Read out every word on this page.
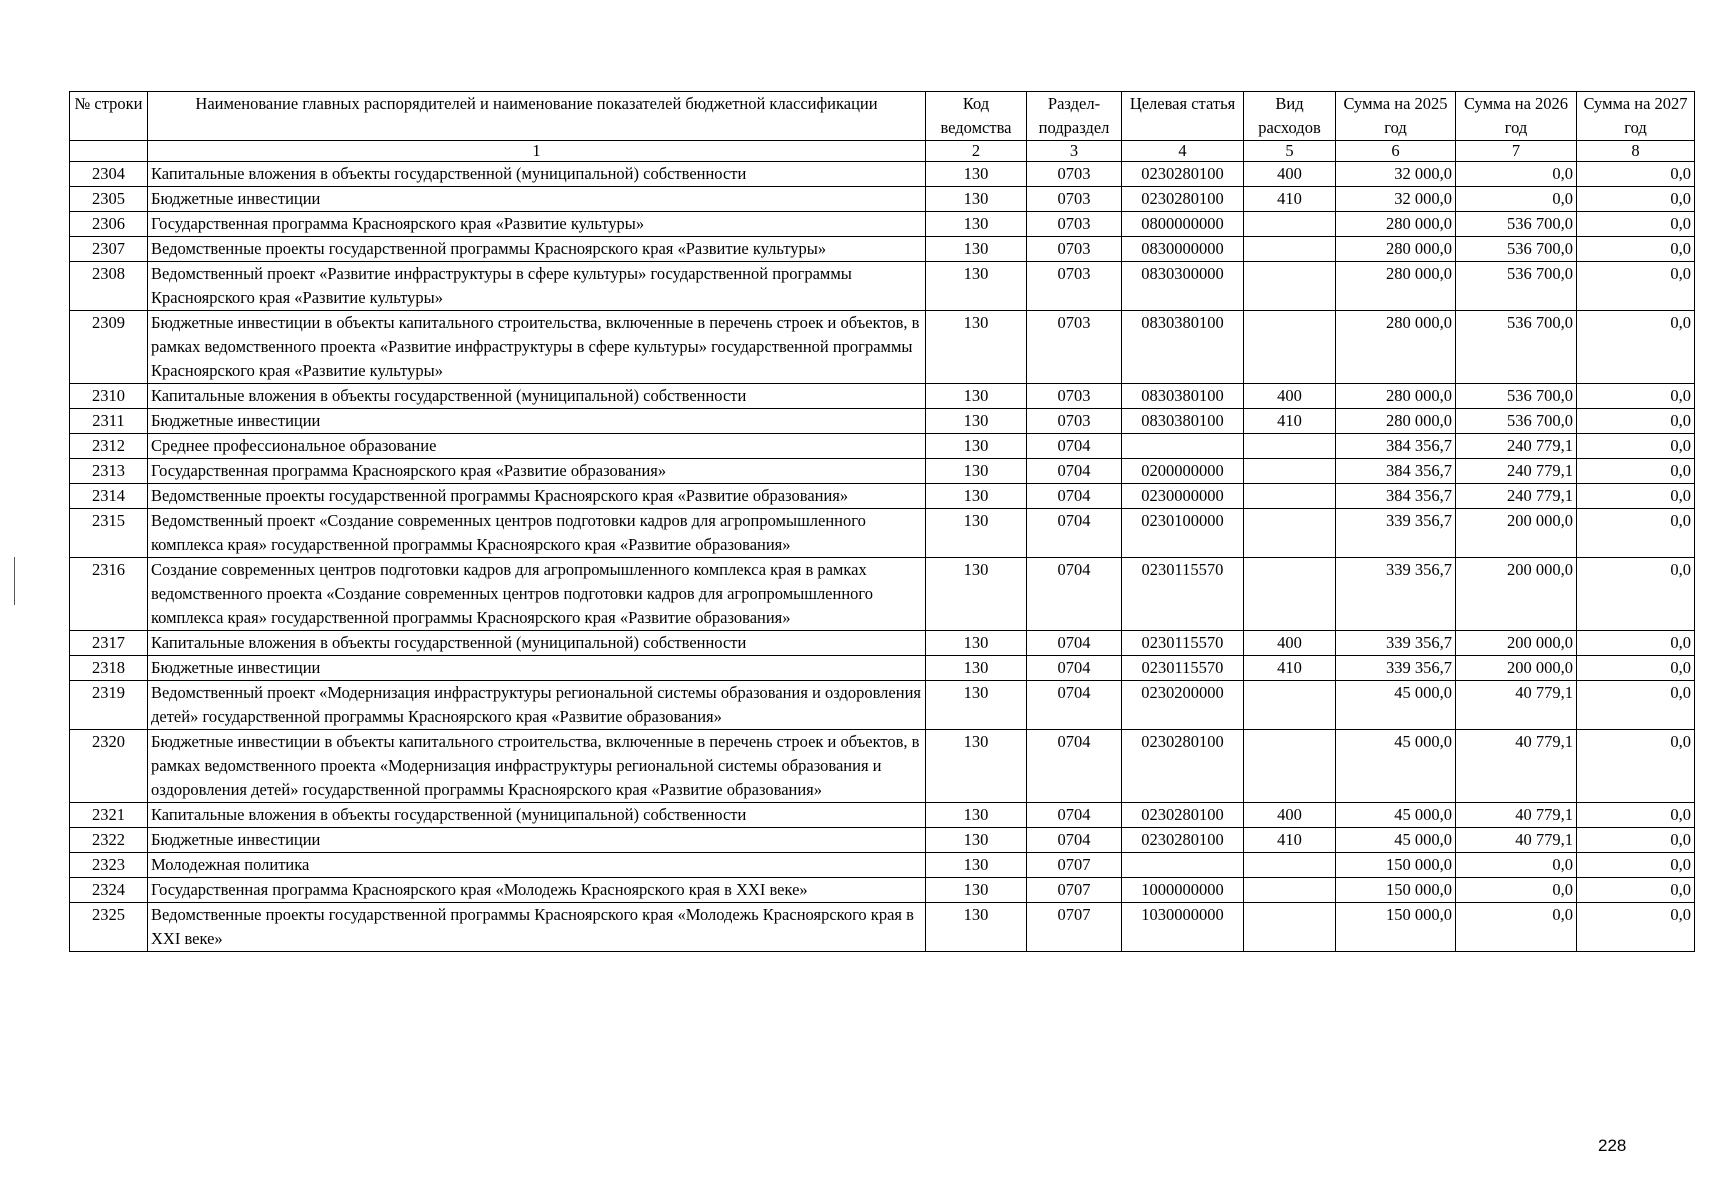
№ строки	Наименование главных распорядителей и наименование показателей бюджетной классификации	Код ведомства	Раздел-подраздел	Целевая статья	Вид расходов	Сумма на 2025 год	Сумма на 2026 год	Сумма на 2027 год
	1	2	3	4	5	6	7	8
2304	Капитальные вложения в объекты государственной (муниципальной) собственности	130	0703	0230280100	400	32 000,0	0,0	0,0
2305	Бюджетные инвестиции	130	0703	0230280100	410	32 000,0	0,0	0,0
2306	Государственная программа Красноярского края «Развитие культуры»	130	0703	0800000000		280 000,0	536 700,0	0,0
2307	Ведомственные проекты государственной программы Красноярского края «Развитие культуры»	130	0703	0830000000		280 000,0	536 700,0	0,0
2308	Ведомственный проект «Развитие инфраструктуры в сфере культуры» государственной программы Красноярского края «Развитие культуры»	130	0703	0830300000		280 000,0	536 700,0	0,0
2309	Бюджетные инвестиции в объекты капитального строительства, включенные в перечень строек и объектов, в рамках ведомственного проекта «Развитие инфраструктуры в сфере культуры» государственной программы Красноярского края «Развитие культуры»	130	0703	0830380100		280 000,0	536 700,0	0,0
2310	Капитальные вложения в объекты государственной (муниципальной) собственности	130	0703	0830380100	400	280 000,0	536 700,0	0,0
2311	Бюджетные инвестиции	130	0703	0830380100	410	280 000,0	536 700,0	0,0
2312	Среднее профессиональное образование	130	0704			384 356,7	240 779,1	0,0
2313	Государственная программа Красноярского края «Развитие образования»	130	0704	0200000000		384 356,7	240 779,1	0,0
2314	Ведомственные проекты государственной программы Красноярского края «Развитие образования»	130	0704	0230000000		384 356,7	240 779,1	0,0
2315	Ведомственный проект «Создание современных центров подготовки кадров для агропромышленного комплекса края» государственной программы Красноярского края «Развитие образования»	130	0704	0230100000		339 356,7	200 000,0	0,0
2316	Создание современных центров подготовки кадров для агропромышленного комплекса края в рамках ведомственного проекта «Создание современных центров подготовки кадров для агропромышленного комплекса края» государственной программы Красноярского края «Развитие образования»	130	0704	0230115570		339 356,7	200 000,0	0,0
2317	Капитальные вложения в объекты государственной (муниципальной) собственности	130	0704	0230115570	400	339 356,7	200 000,0	0,0
2318	Бюджетные инвестиции	130	0704	0230115570	410	339 356,7	200 000,0	0,0
2319	Ведомственный проект «Модернизация инфраструктуры региональной системы образования и оздоровления детей» государственной программы Красноярского края «Развитие образования»	130	0704	0230200000		45 000,0	40 779,1	0,0
2320	Бюджетные инвестиции в объекты капитального строительства, включенные в перечень строек и объектов, в рамках ведомственного проекта «Модернизация инфраструктуры региональной системы образования и оздоровления детей» государственной программы Красноярского края «Развитие образования»	130	0704	0230280100		45 000,0	40 779,1	0,0
2321	Капитальные вложения в объекты государственной (муниципальной) собственности	130	0704	0230280100	400	45 000,0	40 779,1	0,0
2322	Бюджетные инвестиции	130	0704	0230280100	410	45 000,0	40 779,1	0,0
2323	Молодежная политика	130	0707			150 000,0	0,0	0,0
2324	Государственная программа Красноярского края «Молодежь Красноярского края в XXI веке»	130	0707	1000000000		150 000,0	0,0	0,0
2325	Ведомственные проекты государственной программы Красноярского края «Молодежь Красноярского края в XXI веке»	130	0707	1030000000		150 000,0	0,0	0,0
228
